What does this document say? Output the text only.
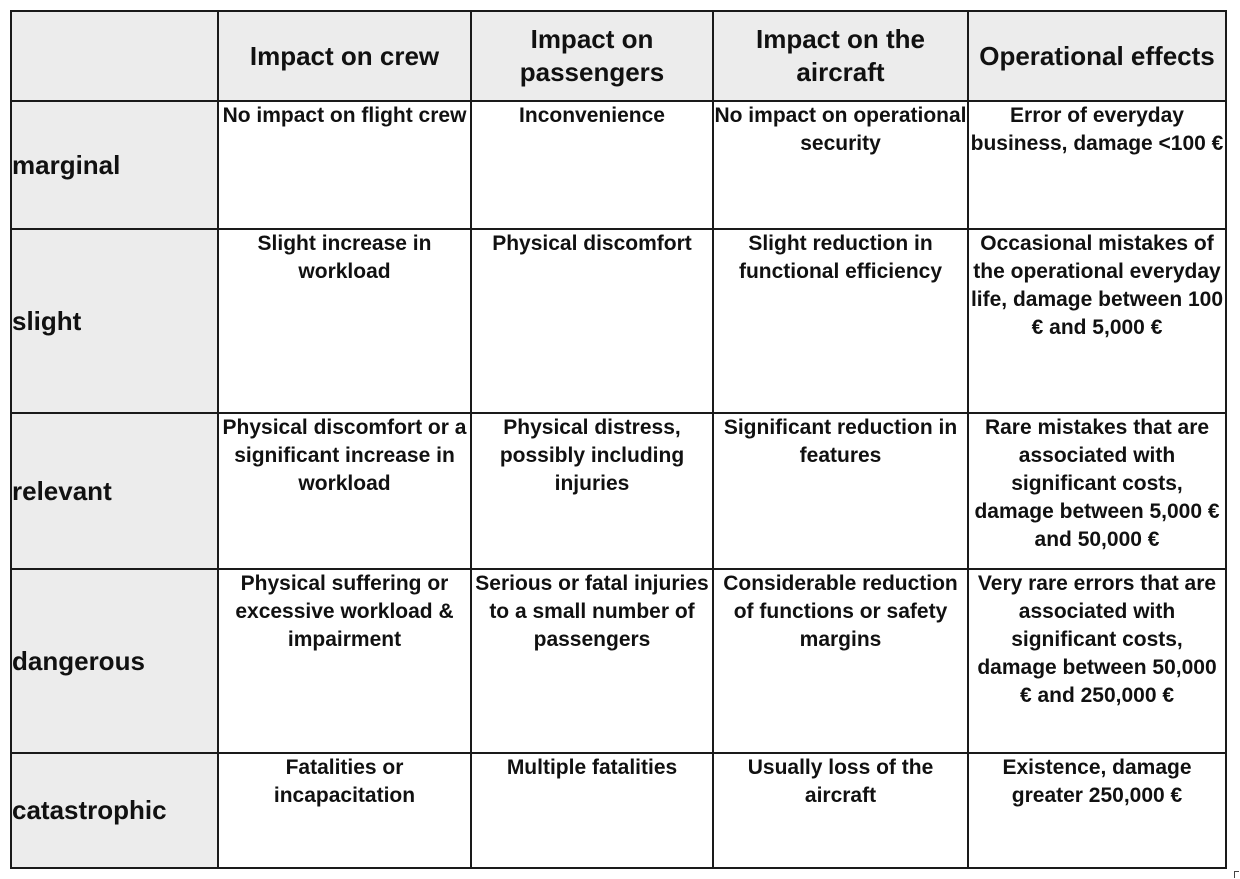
	Impact on crew	Impact on passengers	Impact on the aircraft	Operational effects
marginal	No impact on flight crew	Inconvenience	No impact on operational security	Error of everyday business, damage <100 €
slight	Slight increase in workload	Physical discomfort	Slight reduction in functional efficiency	Occasional mistakes of the operational everyday life, damage between 100 € and 5,000 €
relevant	Physical discomfort or a significant increase in workload	Physical distress, possibly including injuries	Significant reduction in features	Rare mistakes that are associated with significant costs, damage between 5,000 € and 50,000 €
dangerous	Physical suffering or excessive workload & impairment	Serious or fatal injuries to a small number of passengers	Considerable reduction of functions or safety margins	Very rare errors that are associated with significant costs, damage between 50,000 € and 250,000 €
catastrophic	Fatalities or incapacitation	Multiple fatalities	Usually loss of the aircraft	Existence, damage greater 250,000 €
